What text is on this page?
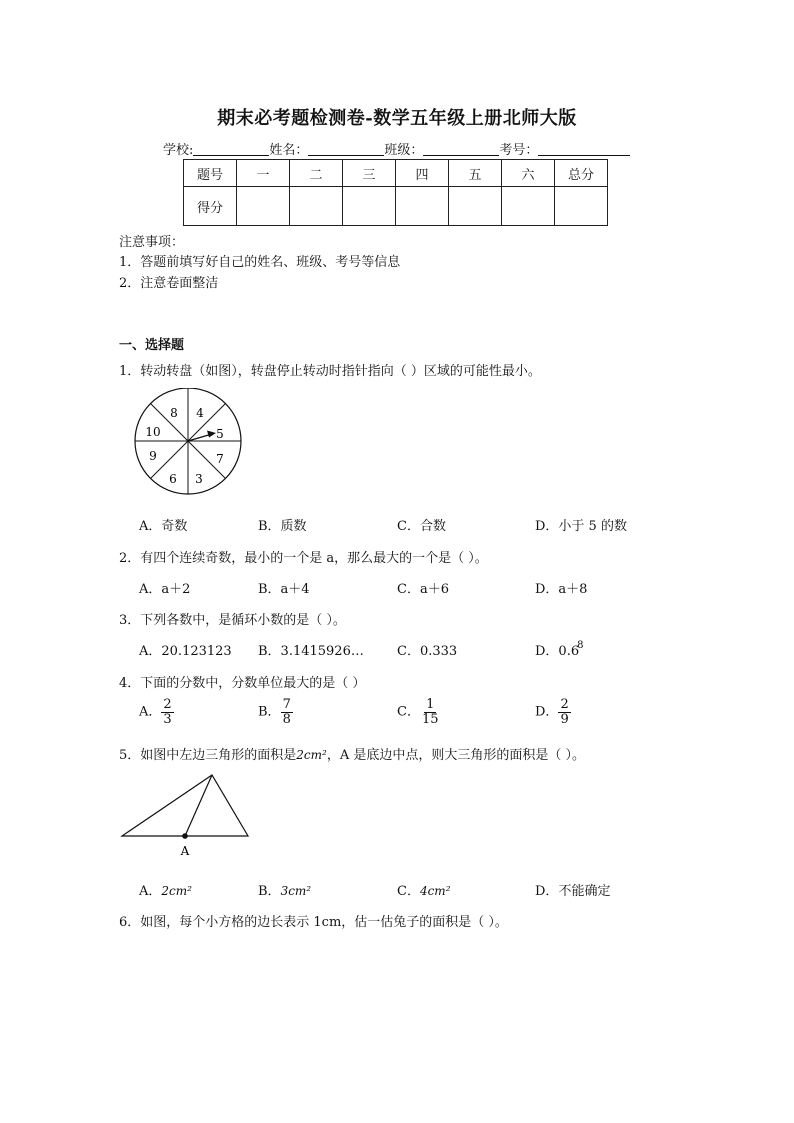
期末必考题检测卷-数学五年级上册北师大版
学校:	姓名：	班级：	考号：
题号	一	二	三	四	五	六	总分
得分							
注意事项：
1．答题前填写好自己的姓名、班级、考号等信息
2．注意卷面整洁
一、选择题
1．转动转盘（如图），转盘停止转动时指针指向（ ）区域的可能性最小。
4
5
7
3
6
9
10
8
A．奇数	B．质数	C．合数	D．小于 5 的数
2．有四个连续奇数，最小的一个是 a，那么最大的一个是（ ）。
A．a＋2	B．a＋4	C．a＋6	D．a＋8
3．下列各数中，是循环小数的是（ ）。
A．20.123123 B．3.1415926…	C．0.333	D．$0.6^8$
4．下面的分数中，分数单位最大的是（ ）
A． $\frac{2}{3}$	B． $\frac{7}{8}$	C． $\frac{1}{15}$	D． $\frac{2}{9}$
5．如图中左边三角形的面积是2cm²，A 是底边中点，则大三角形的面积是（ ）。
A
A．2cm²	B．3cm²	C．4cm²	D．不能确定
6．如图，每个小方格的边长表示 1cm，估一估兔子的面积是（ ）。
